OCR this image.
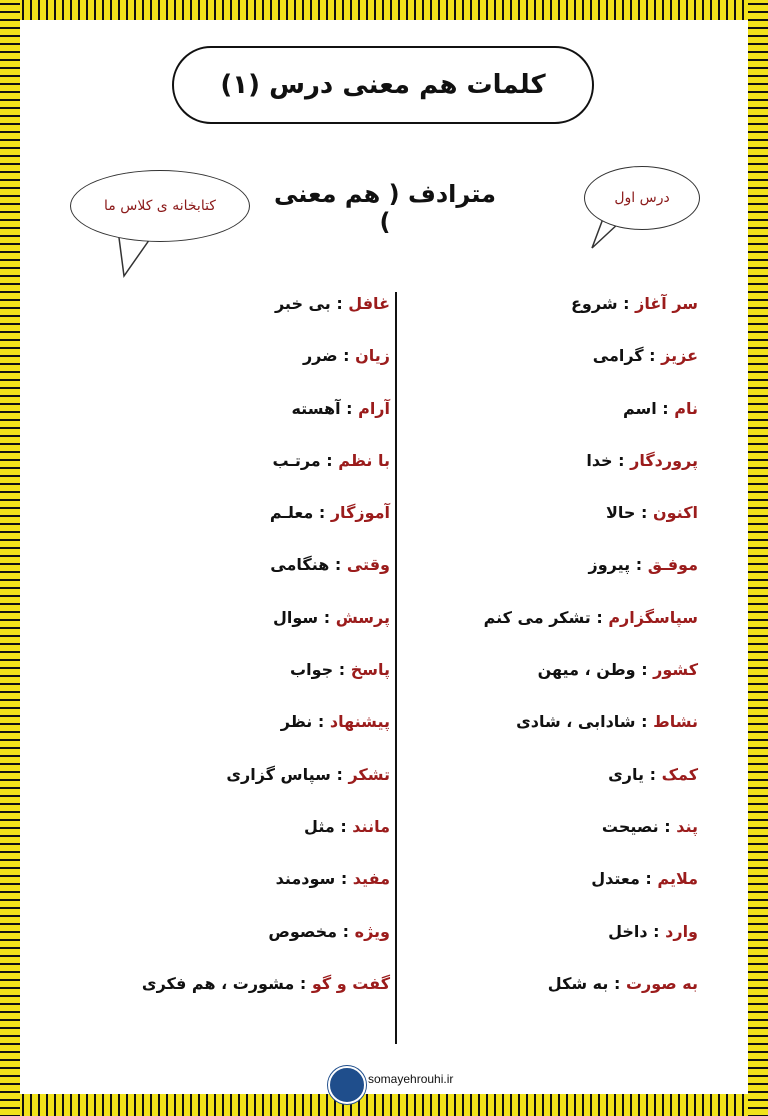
کلمات هم معنی درس (۱)
درس اول
کتابخانه ی کلاس ما	مترادف ( هم معنی )
سر آغاز : شروع
عزیز : گرامی
نام : اسم
پروردگار : خدا
اکنون : حالا
موفـق : پیروز
سپاسگزارم : تشکر می کنم
کشور : وطن ، میهن
نشاط : شادابی ، شادی
کمک : یاری
پند : نصیحت
ملایم : معتدل
وارد : داخل
به صورت : به شکل
غافل : بی خبر
زیان : ضرر
آرام : آهسته
با نظم : مرتـب
آموزگار : معلـم
وقتی : هنگامی
پرسش : سوال
پاسخ : جواب
پیشنهاد : نظر
تشکر : سپاس گزاری
مانند : مثل
مفید : سودمند
ویژه : مخصوص
گفت و گو : مشورت ، هم فکری
somayehrouhi.ir
